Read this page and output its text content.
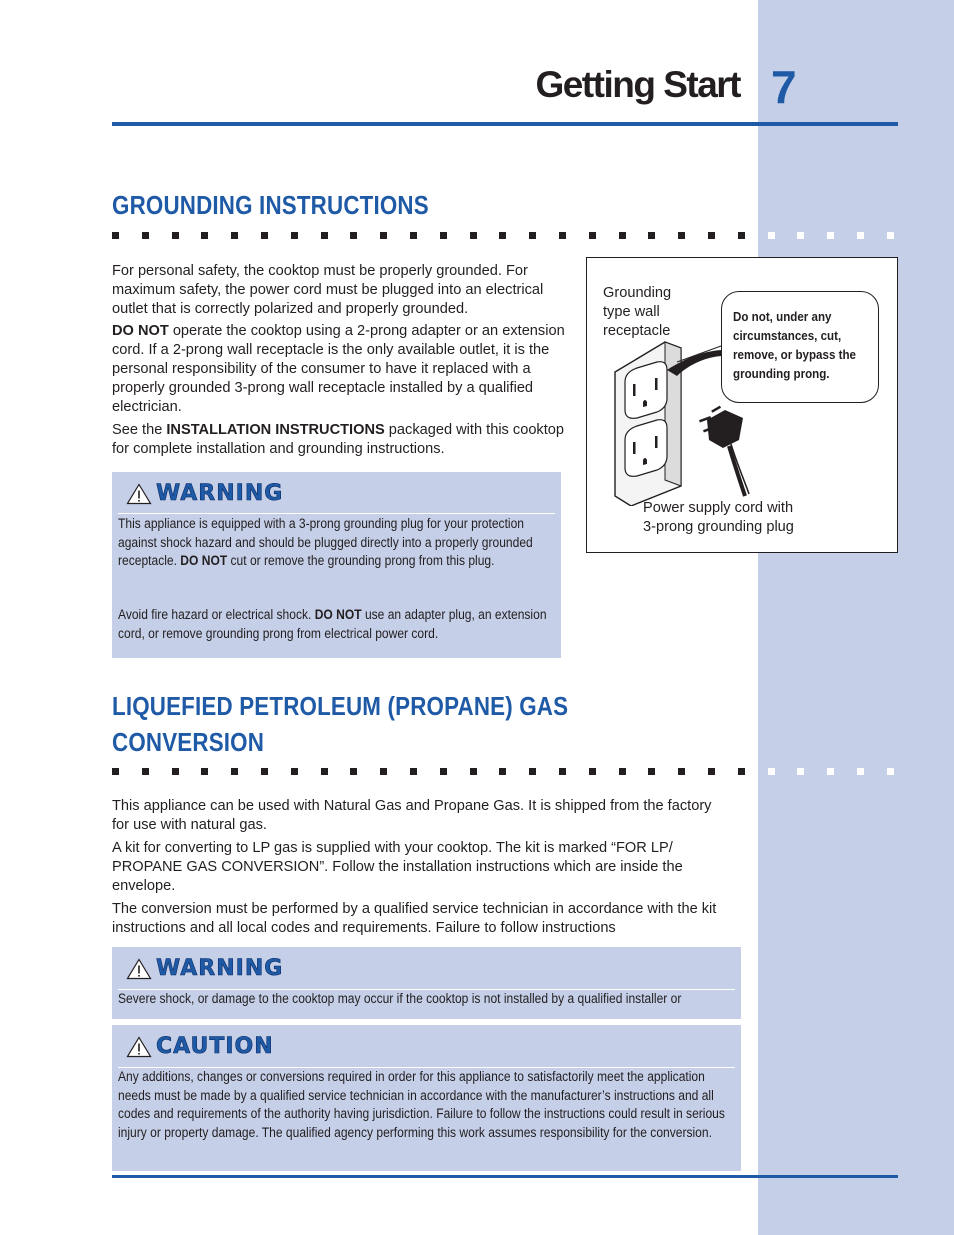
Getting Start 7
GROUNDING INSTRUCTIONS
For personal safety, the cooktop must be properly grounded. For maximum safety, the power cord must be plugged into an electrical outlet that is correctly polarized and properly grounded.
DO NOT operate the cooktop using a 2-prong adapter or an extension cord. If a 2-prong wall receptacle is the only available outlet, it is the personal responsibility of the consumer to have it replaced with a properly grounded 3-prong wall receptacle installed by a qualified electrician.
See the INSTALLATION INSTRUCTIONS packaged with this cooktop for complete installation and grounding instructions.
WARNING
This appliance is equipped with a 3-prong grounding plug for your protection against shock hazard and should be plugged directly into a properly grounded receptacle. DO NOT cut or remove the grounding prong from this plug.
Avoid fire hazard or electrical shock. DO NOT use an adapter plug, an extension cord, or remove grounding prong from electrical power cord.
Grounding
type wall
receptacle
Do not, under any circumstances, cut, remove, or bypass the grounding prong.
Power supply cord with
3-prong grounding plug
LIQUEFIED PETROLEUM (PROPANE) GAS
CONVERSION
This appliance can be used with Natural Gas and Propane Gas. It is shipped from the factory for use with natural gas.
A kit for converting to LP gas is supplied with your cooktop. The kit is marked “FOR LP/ PROPANE GAS CONVERSION”. Follow the installation instructions which are inside the envelope.
The conversion must be performed by a qualified service technician in accordance with the kit instructions and all local codes and requirements. Failure to follow instructions
WARNING
Severe shock, or damage to the cooktop may occur if the cooktop is not installed by a qualified installer or
CAUTION
Any additions, changes or conversions required in order for this appliance to satisfactorily meet the application needs must be made by a qualified service technician in accordance with the manufacturer’s instructions and all codes and requirements of the authority having jurisdiction. Failure to follow the instructions could result in serious injury or property damage. The qualified agency performing this work assumes responsibility for the conversion.
